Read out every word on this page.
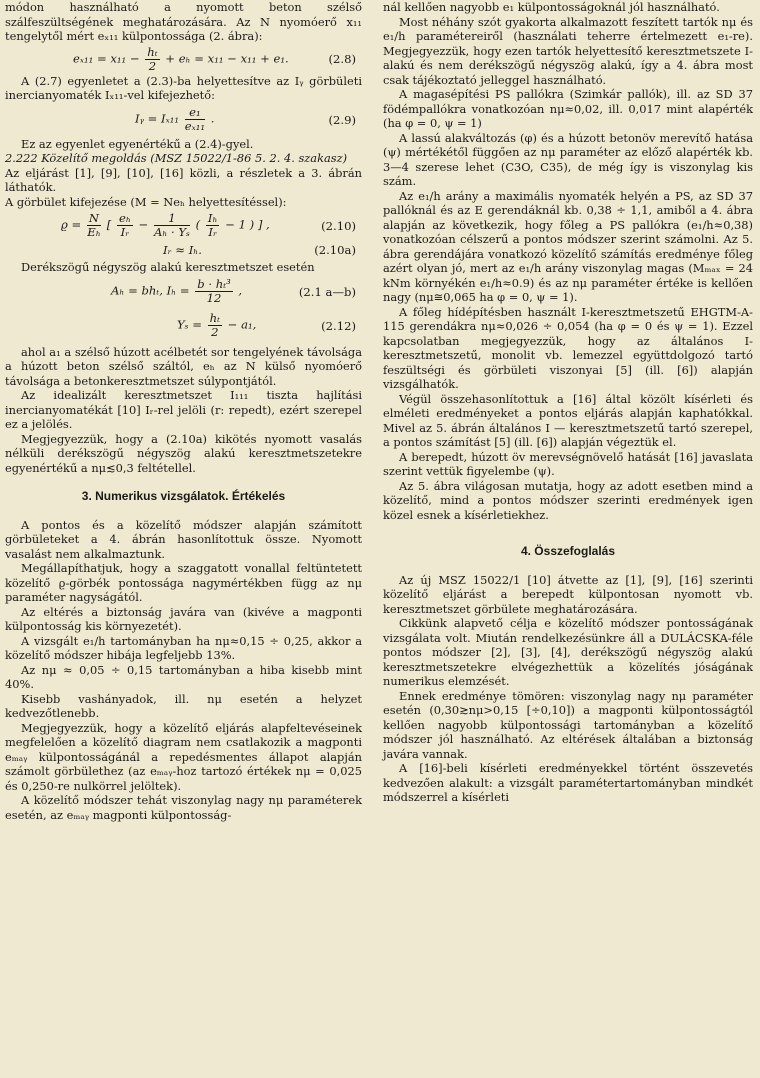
módon használható a nyomott beton szélső szálfeszültségének meghatározására. Az N nyomóerő x₁₁ tengelytől mért eₓ₁₁ külpontossága (2. ábra):

$e_{x11} = x_{11} - \frac{\text{hₜ}}{2} + e_h = x_{11} - x_{11} + e_1$.	(2.8)

A (2.7) egyenletet a (2.3)-ba helyettesítve az Iᵧ görbületi inercianyomaték Iₓ₁₁-vel kifejezhető:

Iᵧ = $I_{x11} \frac{\text{e₁}}{\text{eₓ₁₁}}$ .	(2.9)

Ez az egyenlet egyenértékű a (2.4)-gyel.

2.222 Közelítő megoldás (MSZ 15022/1-86 5. 2. 4. szakasz)

Az eljárást [1], [9], [10], [16] közli, a részletek a 3. ábrán láthatók.

A görbület kifejezése (M = Neₕ helyettesítéssel):

$ϱ = \frac{N}{\text{Eₕ}}$ [ $\frac{\text{eₕ}}{\text{Iᵣ}} - \frac{1}{\text{Aₕ · Yₛ}}$ ( $\frac{\text{Iₕ}}{\text{Iᵣ}} - 1$ ) ] ,	(2.10)
Iᵣ ≈ Iₕ.	(2.10a)

Derékszögű négyszög alakú keresztmetszet esetén

Aₕ = bhₜ, $I_h = \frac{\text{b · hₜ³}}{12}$ ,	(2.1 a—b)
$Y_s = \frac{\text{hₜ}}{2} - a_1$,	(2.12)

ahol a₁ a szélső húzott acélbetét sor tengelyének távolsága a húzott beton szélső száltól, eₕ az N külső nyomóerő távolsága a betonkeresztmetszet súlypontjától.

Az idealizált keresztmetszet I₁₁₁ tiszta hajlítási inercianyomatékát [10] Iᵣ-rel jelöli (r: repedt), ezért szerepel ez a jelölés.

Megjegyezzük, hogy a (2.10a) kikötés nyomott vasalás nélküli derékszögű négyszög alakú keresztmetszetekre egyenértékű a nμ≲0,3 feltétellel.

3. Numerikus vizsgálatok. Értékelés

A pontos és a közelítő módszer alapján számított görbületeket a 4. ábrán hasonlítottuk össze. Nyomott vasalást nem alkalmaztunk.

Megállapíthatjuk, hogy a szaggatott vonallal feltüntetett közelítő ϱ-görbék pontossága nagymértékben függ az nμ paraméter nagyságától.

Az eltérés a biztonság javára van (kivéve a magponti külpontosság kis környezetét).

A vizsgált e₁/h tartományban ha nμ≈0,15 ÷ 0,25, akkor a közelítő módszer hibája legfeljebb 13%.

Az nμ ≈ 0,05 ÷ 0,15 tartományban a hiba kisebb mint 40%.

Kisebb vashányadok, ill. nμ esetén a helyzet kedvezőtlenebb.

Megjegyezzük, hogy a közelítő eljárás alapfeltevéseinek megfelelően a közelítő diagram nem csatlakozik a magponti eₘₐᵧ külpontosságánál a repedésmentes állapot alapján számolt görbülethez (az eₘₐᵧ-hoz tartozó értékek nμ = 0,025 és 0,250-re nulkörrel jelöltek).

A közelítő módszer tehát viszonylag nagy nμ paraméterek esetén, az eₘₐᵧ magponti külpontosság-

nál kellően nagyobb e₁ külpontosságoknál jól használható.

Most néhány szót gyakorta alkalmazott feszített tartók nμ és e₁/h paramétereiről (használati teherre értelmezett e₁-re). Megjegyezzük, hogy ezen tartók helyettesítő keresztmetszete I-alakú és nem derékszögű négyszög alakú, így a 4. ábra most csak tájékoztató jelleggel használható.

A magasépítési PS pallókra (Szimkár pallók), ill. az SD 37 födémpallókra vonatkozóan nμ≈0,02, ill. 0,017 mint alapérték (ha φ = 0, ψ = 1)

A lassú alakváltozás (φ) és a húzott betonöv merevítő hatása (ψ) mértékétől függően az nμ paraméter az előző alapérték kb. 3—4 szerese lehet (C3O, C35), de még így is viszonylag kis szám.

Az e₁/h arány a maximális nyomaték helyén a PS, az SD 37 pallóknál és az E gerendáknál kb. 0,38 ÷ 1,1, amiből a 4. ábra alapján az következik, hogy főleg a PS pallókra (e₁/h≈0,38) vonatkozóan célszerű a pontos módszer szerint számolni. Az 5. ábra gerendájára vonatkozó közelítő számítás eredménye főleg azért olyan jó, mert az e₁/h arány viszonylag magas (Mₘₐₓ = 24 kNm környékén e₁/h≈0.9) és az nμ paraméter értéke is kellően nagy (nμ≅0,065 ha φ = 0, ψ = 1).

A főleg hídépítésben használt I-keresztmetszetű EHGTM-A-115 gerendákra nμ≈0,026 ÷ 0,054 (ha φ = 0 és ψ = 1). Ezzel kapcsolatban megjegyezzük, hogy az általános I-keresztmetszetű, monolit vb. lemezzel együttdolgozó tartó feszültségi és görbületi viszonyai [5] (ill. [6]) alapján vizsgálhatók.

Végül összehasonlítottuk a [16] által közölt kísérleti és elméleti eredményeket a pontos eljárás alapján kaphatókkal. Mivel az 5. ábrán általános I — keresztmetszetű tartó szerepel, a pontos számítást [5] (ill. [6]) alapján végeztük el.

A berepedt, húzott öv merevségnövelő hatását [16] javaslata szerint vettük figyelembe (ψ).

Az 5. ábra világosan mutatja, hogy az adott esetben mind a közelítő, mind a pontos módszer szerinti eredmények igen közel esnek a kísérletiekhez.

4. Összefoglalás

Az új MSZ 15022/1 [10] átvette az [1], [9], [16] szerinti közelítő eljárást a berepedt külpontosan nyomott vb. keresztmetszet görbülete meghatározására.

Cikkünk alapvető célja e közelítő módszer pontosságának vizsgálata volt. Miután rendelkezésünkre áll a DULÁCSKA-féle pontos módszer [2], [3], [4], derékszögű négyszög alakú keresztmetszetekre elvégezhettük a közelítés jóságának numerikus elemzését.

Ennek eredménye tömören: viszonylag nagy nμ paraméter esetén (0,30≳nμ>0,15 [÷0,10]) a magponti külpontosságtól kellően nagyobb külpontossági tartományban a közelítő módszer jól használható. Az eltérések általában a biztonság javára vannak.

A [16]-beli kísérleti eredményekkel történt összevetés kedvezően alakult: a vizsgált paramétertartományban mindkét módszerrel a kísérleti
